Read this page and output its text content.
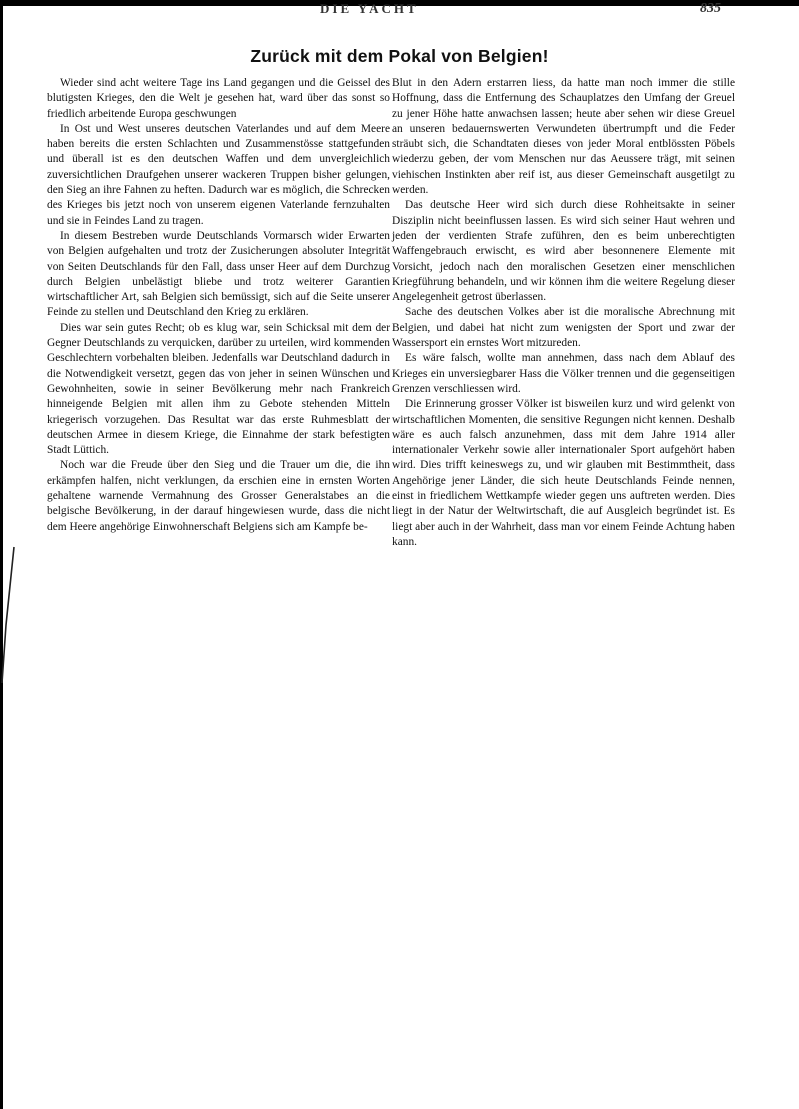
DIE YACHT	835
Zurück mit dem Pokal von Belgien!

Wieder sind acht weitere Tage ins Land gegangen und die Geissel des blutigsten Krieges, den die Welt je gesehen hat, ward über das sonst so friedlich arbeitende Europa geschwungen

In Ost und West unseres deutschen Vaterlandes und auf dem Meere haben bereits die ersten Schlachten und Zusammenstösse stattgefunden und überall ist es den deutschen Waffen und dem unvergleichlich zuversichtlichen Draufgehen unserer wackeren Truppen bisher gelungen, den Sieg an ihre Fahnen zu heften. Dadurch war es möglich, die Schrecken des Krieges bis jetzt noch von unserem eigenen Vaterlande fernzuhalten und sie in Feindes Land zu tragen.

In diesem Bestreben wurde Deutschlands Vormarsch wider Erwarten von Belgien aufgehalten und trotz der Zusicherungen absoluter Integrität von Seiten Deutschlands für den Fall, dass unser Heer auf dem Durchzug durch Belgien unbelästigt bliebe und trotz weiterer Garantien wirtschaftlicher Art, sah Belgien sich bemüssigt, sich auf die Seite unserer Feinde zu stellen und Deutschland den Krieg zu erklären.

Dies war sein gutes Recht; ob es klug war, sein Schicksal mit dem der Gegner Deutschlands zu verquicken, darüber zu urteilen, wird kommenden Geschlechtern vorbehalten bleiben. Jedenfalls war Deutschland dadurch in die Notwendigkeit versetzt, gegen das von jeher in seinen Wünschen und Gewohnheiten, sowie in seiner Bevölkerung mehr nach Frankreich hinneigende Belgien mit allen ihm zu Gebote stehenden Mitteln kriegerisch vorzugehen. Das Resultat war das erste Ruhmesblatt der deutschen Armee in diesem Kriege, die Einnahme der stark befestigten Stadt Lüttich.

Noch war die Freude über den Sieg und die Trauer um die, die ihn erkämpfen halfen, nicht verklungen, da erschien eine in ernsten Worten gehaltene warnende Vermahnung des Grosser Generalstabes an die belgische Bevölkerung, in der darauf hingewiesen wurde, dass die nicht dem Heere angehörige Einwohnerschaft Belgiens sich am Kampfe be-

Blut in den Adern erstarren liess, da hatte man noch immer die stille Hoffnung, dass die Entfernung des Schauplatzes den Umfang der Greuel zu jener Höhe hatte anwachsen lassen; heute aber sehen wir diese Greuel an unseren bedauernswerten Verwundeten übertrumpft und die Feder sträubt sich, die Schandtaten dieses von jeder Moral entblössten Pöbels wiederzu geben, der vom Menschen nur das Aeussere trägt, mit seinen viehischen Instinkten aber reif ist, aus dieser Gemeinschaft ausgetilgt zu werden.

Das deutsche Heer wird sich durch diese Rohheitsakte in seiner Disziplin nicht beeinflussen lassen. Es wird sich seiner Haut wehren und jeden der verdienten Strafe zuführen, den es beim unberechtigten Waffengebrauch erwischt, es wird aber besonnenere Elemente mit Vorsicht, jedoch nach den moralischen Gesetzen einer menschlichen Kriegführung behandeln, und wir können ihm die weitere Regelung dieser Angelegenheit getrost überlassen.

Sache des deutschen Volkes aber ist die moralische Abrechnung mit Belgien, und dabei hat nicht zum wenigsten der Sport und zwar der Wassersport ein ernstes Wort mitzureden.

Es wäre falsch, wollte man annehmen, dass nach dem Ablauf des Krieges ein unversiegbarer Hass die Völker trennen und die gegenseitigen Grenzen verschliessen wird.

Die Erinnerung grosser Völker ist bisweilen kurz und wird gelenkt von wirtschaftlichen Momenten, die sensitive Regungen nicht kennen. Deshalb wäre es auch falsch anzunehmen, dass mit dem Jahre 1914 aller internationaler Verkehr sowie aller internationaler Sport aufgehört haben wird. Dies trifft keineswegs zu, und wir glauben mit Bestimmtheit, dass Angehörige jener Länder, die sich heute Deutschlands Feinde nennen, einst in friedlichem Wettkampfe wieder gegen uns auftreten werden. Dies liegt in der Natur der Weltwirtschaft, die auf Ausgleich begründet ist. Es liegt aber auch in der Wahrheit, dass man vor einem Feinde Achtung haben kann.
